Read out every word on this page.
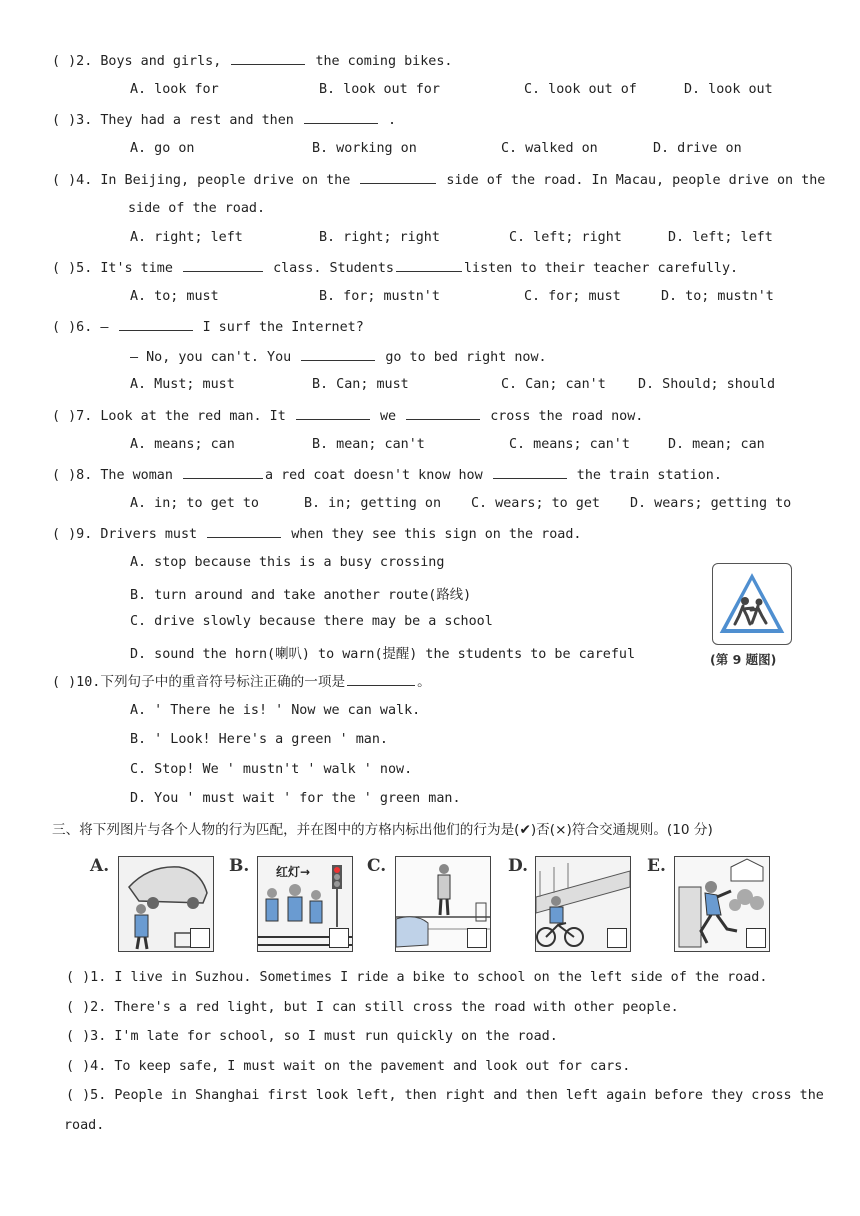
( )2. Boys and girls,	the coming bikes.
A. look for	B. look out for	C. look out of	D. look out
( )3. They had a rest and then	.
A. go on	B. working on	C. walked on	D. drive on
( )4. In Beijing, people drive on the	side of the road. In Macau, people drive on the
side of the road.
A. right; left	B. right; right	C. left; right	D. left; left
( )5. It's time	class. Students	listen to their teacher carefully.
A. to; must	B. for; mustn't	C. for; must	D. to; mustn't
( )6. —	I surf the Internet?
— No, you can't. You	go to bed right now.
A. Must; must	B. Can; must	C. Can; can't D. Should; should
( )7. Look at the red man. It	we	cross the road now.
A. means; can	B. mean; can't	C. means; can't	D. mean; can
( )8. The woman	a red coat doesn't know how	the train station.
A. in; to get to	B. in; getting on C. wears; to get D. wears; getting to
( )9. Drivers must	when they see this sign on the road.
A. stop because this is a busy crossing
B. turn around and take another route(路线)
C. drive slowly because there may be a school
D. sound the horn(喇叭) to warn(提醒) the students to be careful	(第 9 题图)
( )10.下列句子中的重音符号标注正确的一项是	。
A. ' There he is! ' Now we can walk.
B. ' Look! Here's a green ' man.
C. Stop! We ' mustn't ' walk ' now.
D. You ' must wait ' for the ' green man.
三、将下列图片与各个人物的行为匹配，并在图中的方格内标出他们的行为是(✔)否(×)符合交通规则。(10 分)
A.	B. 红灯→	C.	D.	E.
( )1. I live in Suzhou. Sometimes I ride a bike to school on the left side of the road.
( )2. There's a red light, but I can still cross the road with other people.
( )3. I'm late for school, so I must run quickly on the road.
( )4. To keep safe, I must wait on the pavement and look out for cars.
( )5. People in Shanghai first look left, then right and then left again before they cross the
road.
